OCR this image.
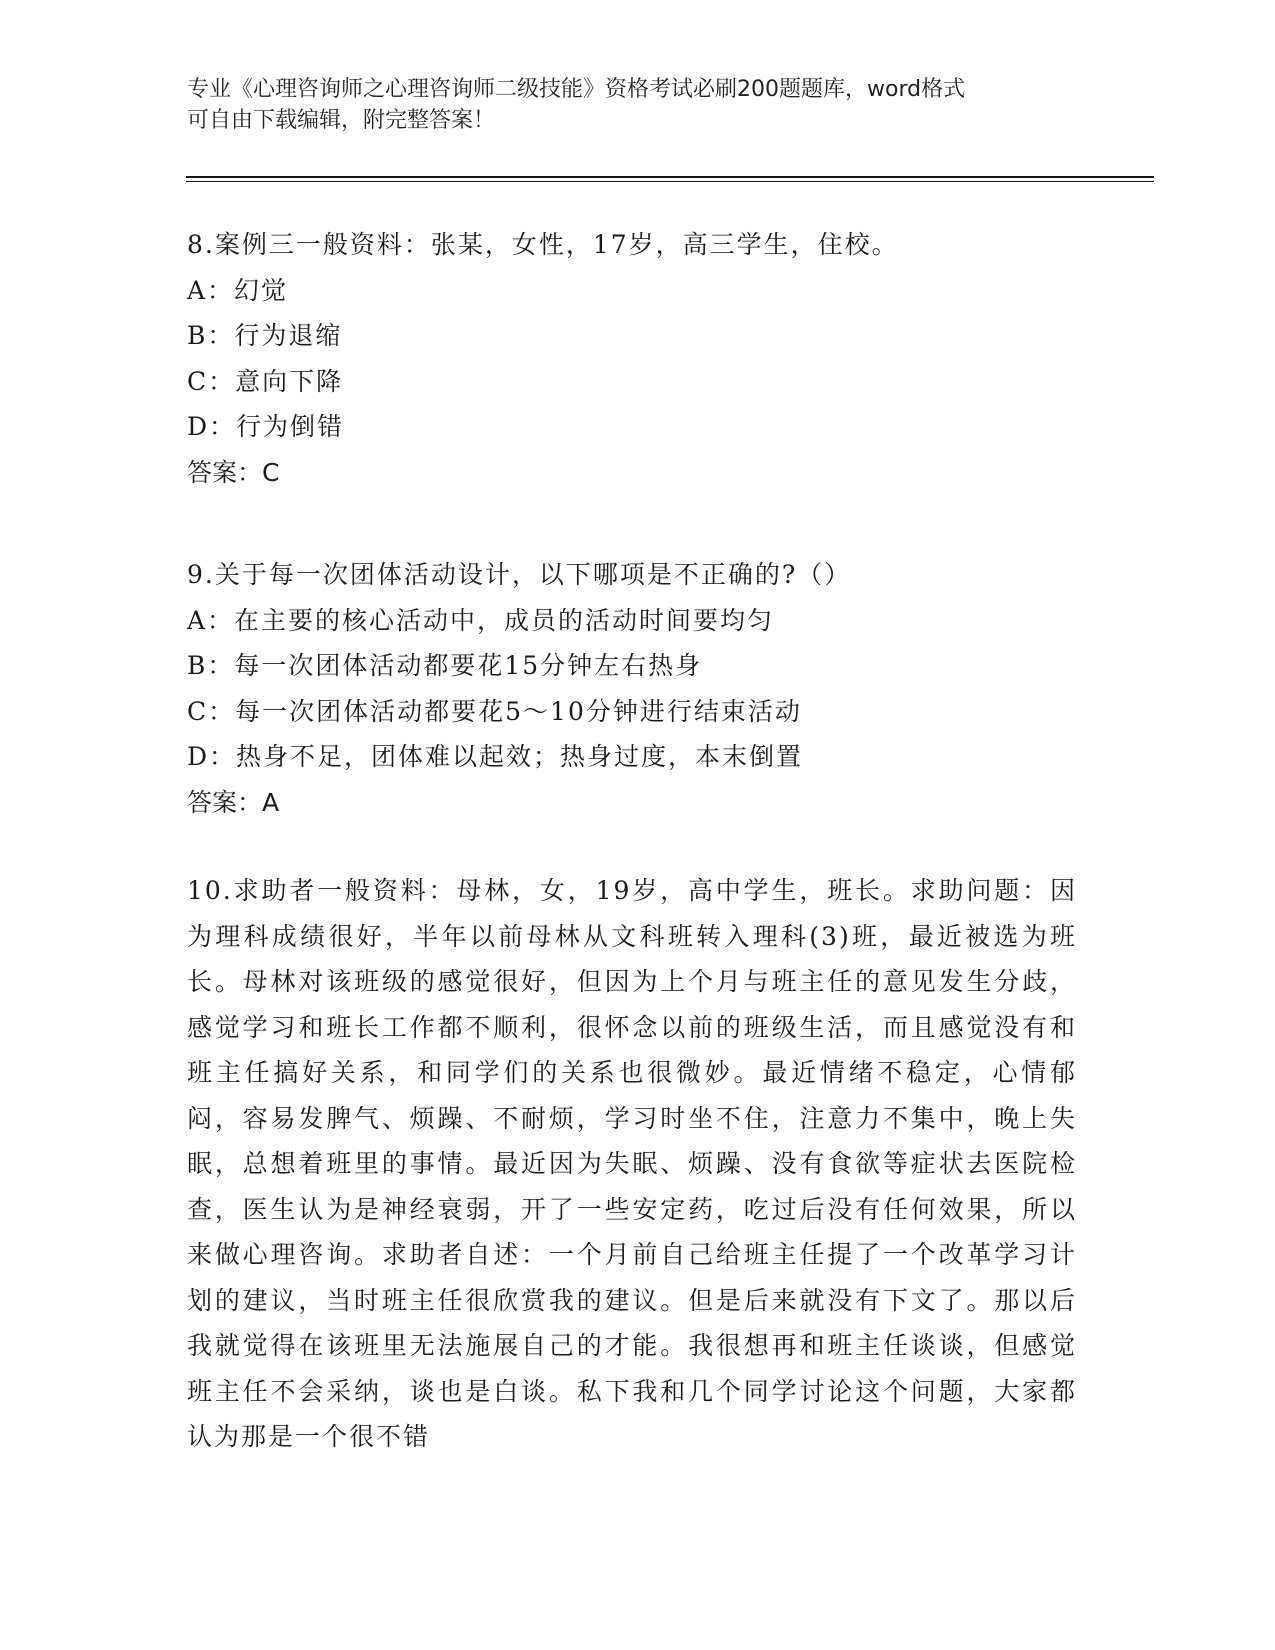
专业《心理咨询师之心理咨询师二级技能》资格考试必刷200题题库，word格式
可自由下载编辑，附完整答案！
8.案例三一般资料：张某，女性，17岁，高三学生，住校。
A：幻觉
B：行为退缩
C：意向下降
D：行为倒错
答案：C
9.关于每一次团体活动设计，以下哪项是不正确的?（）
A：在主要的核心活动中，成员的活动时间要均匀
B：每一次团体活动都要花15分钟左右热身
C：每一次团体活动都要花5～10分钟进行结束活动
D：热身不足，团体难以起效；热身过度，本末倒置
答案：A
10.求助者一般资料：母林，女，19岁，高中学生，班长。求助问题：因为理科成绩很好，半年以前母林从文科班转入理科(3)班，最近被选为班长。母林对该班级的感觉很好，但因为上个月与班主任的意见发生分歧，感觉学习和班长工作都不顺利，很怀念以前的班级生活，而且感觉没有和班主任搞好关系，和同学们的关系也很微妙。最近情绪不稳定，心情郁闷，容易发脾气、烦躁、不耐烦，学习时坐不住，注意力不集中，晚上失眠，总想着班里的事情。最近因为失眠、烦躁、没有食欲等症状去医院检查，医生认为是神经衰弱，开了一些安定药，吃过后没有任何效果，所以来做心理咨询。求助者自述：一个月前自己给班主任提了一个改革学习计划的建议，当时班主任很欣赏我的建议。但是后来就没有下文了。那以后我就觉得在该班里无法施展自己的才能。我很想再和班主任谈谈，但感觉班主任不会采纳，谈也是白谈。私下我和几个同学讨论这个问题，大家都认为那是一个很不错
